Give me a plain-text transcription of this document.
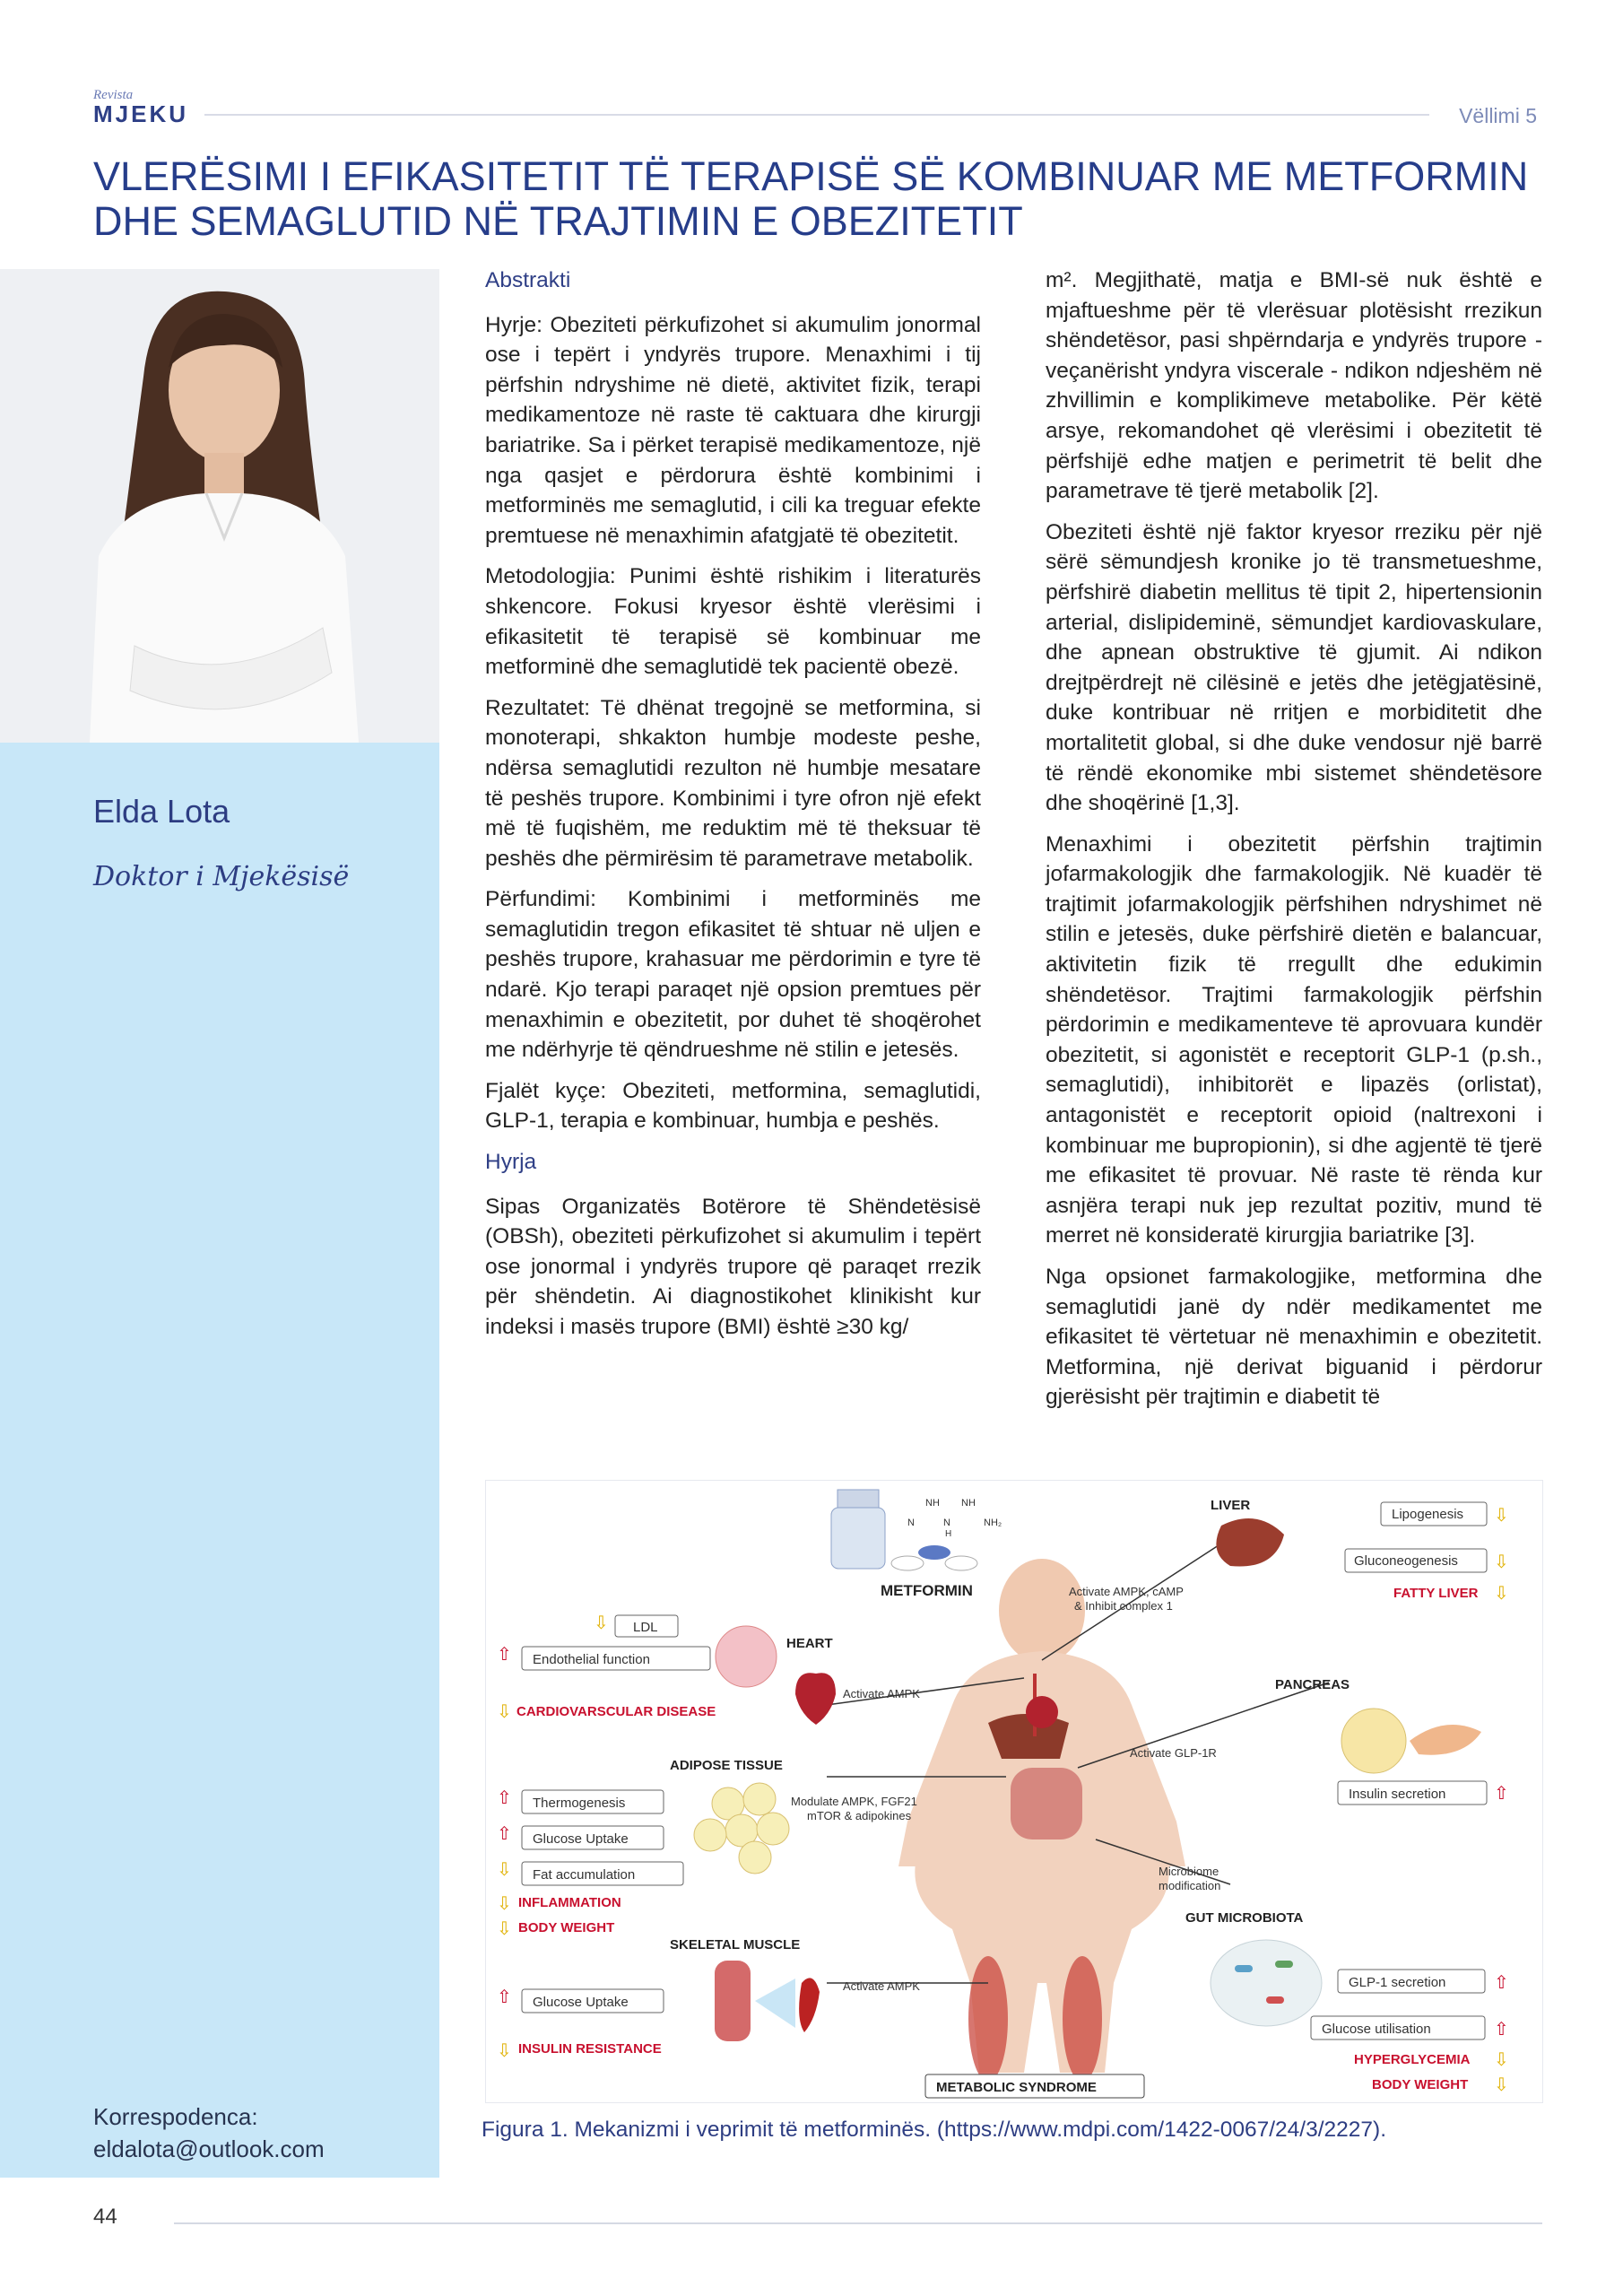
Revista
MJEKU	Vëllimi 5
VLERËSIMI I EFIKASITETIT TË TERAPISË SË KOMBINUAR ME METFORMIN DHE SEMAGLUTID NË TRAJTIMIN E OBEZITETIT
Elda Lota
Doktor i Mjekësisë
Korrespodenca:
eldalota@outlook.com

Abstrakti

Hyrje: Obeziteti përkufizohet si akumulim jonormal ose i tepërt i yndyrës trupore. Menaxhimi i tij përfshin ndryshime në dietë, aktivitet fizik, terapi medikamentoze në raste të caktuara dhe kirurgji bariatrike. Sa i përket terapisë medikamentoze, një nga qasjet e përdorura është kombinimi i metforminës me semaglutid, i cili ka treguar efekte premtuese në menaxhimin afatgjatë të obezitetit.

Metodologjia: Punimi është rishikim i literaturës shkencore. Fokusi kryesor është vlerësimi i efikasitetit të terapisë së kombinuar me metforminë dhe semaglutidë tek pacientë obezë.

Rezultatet: Të dhënat tregojnë se metformina, si monoterapi, shkakton humbje modeste peshe, ndërsa semaglutidi rezulton në humbje mesatare të peshës trupore. Kombinimi i tyre ofron një efekt më të fuqishëm, me reduktim më të theksuar të peshës dhe përmirësim të parametrave metabolik.

Përfundimi: Kombinimi i metforminës me semaglutidin tregon efikasitet të shtuar në uljen e peshës trupore, krahasuar me përdorimin e tyre të ndarë. Kjo terapi paraqet një opsion premtues për menaxhimin e obezitetit, por duhet të shoqërohet me ndërhyrje të qëndrueshme në stilin e jetesës.

Fjalët kyçe: Obeziteti, metformina, semaglutidi, GLP-1, terapia e kombinuar, humbja e peshës.

Hyrja

Sipas Organizatës Botërore të Shëndetësisë (OBSh), obeziteti përkufizohet si akumulim i tepërt ose jonormal i yndyrës trupore që paraqet rrezik për shëndetin. Ai diagnostikohet klinikisht kur indeksi i masës trupore (BMI) është ≥30 kg/

m². Megjithatë, matja e BMI-së nuk është e mjaftueshme për të vlerësuar plotësisht rrezikun shëndetësor, pasi shpërndarja e yndyrës trupore - veçanërisht yndyra viscerale - ndikon ndjeshëm në zhvillimin e komplikimeve metabolike. Për këtë arsye, rekomandohet që vlerësimi i obezitetit të përfshijë edhe matjen e perimetrit të belit dhe parametrave të tjerë metabolik [2].

Obeziteti është një faktor kryesor rreziku për një sërë sëmundjesh kronike jo të transmetueshme, përfshirë diabetin mellitus të tipit 2, hipertensionin arterial, dislipideminë, sëmundjet kardiovaskulare, dhe apnean obstruktive të gjumit. Ai ndikon drejtpërdrejt në cilësinë e jetës dhe jetëgjatësinë, duke kontribuar në rritjen e morbiditetit dhe mortalitetit global, si dhe duke vendosur një barrë të rëndë ekonomike mbi sistemet shëndetësore dhe shoqërinë [1,3].

Menaxhimi i obezitetit përfshin trajtimin jofarmakologjik dhe farmakologjik. Në kuadër të trajtimit jofarmakologjik përfshihen ndryshimet në stilin e jetesës, duke përfshirë dietën e balancuar, aktivitetin fizik të rregullt dhe edukimin shëndetësor. Trajtimi farmakologjik përfshin përdorimin e medikamenteve të aprovuara kundër obezitetit, si agonistët e receptorit GLP-1 (p.sh., semaglutidi), inhibitorët e lipazës (orlistat), antagonistët e receptorit opioid (naltrexoni i kombinuar me bupropionin), si dhe agjentë të tjerë me efikasitet të provuar. Në raste të rënda kur asnjëra terapi nuk jep rezultat pozitiv, mund të merret në konsideratë kirurgjia bariatrike [3].

Nga opsionet farmakologjike, metformina dhe semaglutidi janë dy ndër medikamentet me efikasitet të vërtetuar në menaxhimin e obezitetit. Metformina, një derivat biguanid i përdorur gjerësisht për trajtimin e diabetit të

NH NH
N	N
H
NH₂
METFORMIN
LIVER
Lipogenesis ⇩
Gluconeogenesis ⇩
FATTY LIVER ⇩
Activate AMPK, cAMP
& Inhibit complex 1
⇩ LDL
⇧ Endothelial function
HEART
Activate AMPK
⇩ CARDIOVARSCULAR DISEASE
PANCREAS
Activate GLP-1R
Insulin secretion	⇧
ADIPOSE TISSUE
Modulate AMPK, FGF21
mTOR & adipokines
⇧ Thermogenesis
⇧ Glucose Uptake
⇩ Fat accumulation
⇩ INFLAMMATION
⇩ BODY WEIGHT
Microbiome
modification
GUT MICROBIOTA
GLP-1 secretion	⇧
Glucose utilisation	⇧
HYPERGLYCEMIA ⇩
BODY WEIGHT ⇩
SKELETAL MUSCLE
Activate AMPK
⇧ Glucose Uptake
⇩ INSULIN RESISTANCE
METABOLIC SYNDROME
Figura 1. Mekanizmi i veprimit të metforminës. (https://www.mdpi.com/1422-0067/24/3/2227).
44
